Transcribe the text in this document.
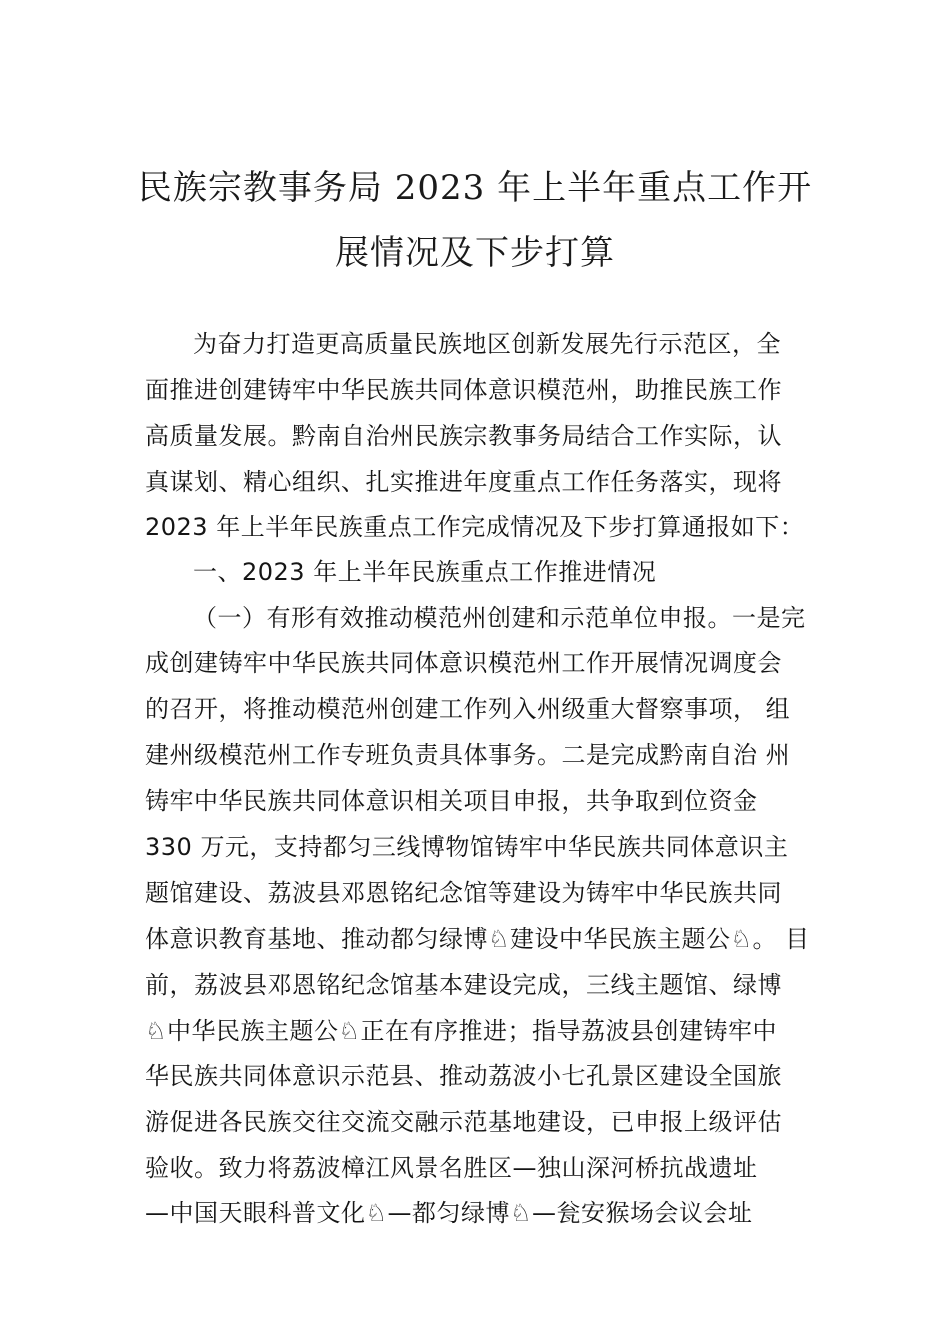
民族宗教事务局 2023 年上半年重点工作开
展情况及下步打算
为奋力打造更高质量民族地区创新发展先行示范区，全
面推进创建铸牢中华民族共同体意识模范州，助推民族工作
高质量发展。黔南自治州民族宗教事务局结合工作实际，认
真谋划、精心组织、扎实推进年度重点工作任务落实，现将
2023 年上半年民族重点工作完成情况及下步打算通报如下：
一、2023 年上半年民族重点工作推进情况
（一）有形有效推动模范州创建和示范单位申报。一是完
成创建铸牢中华民族共同体意识模范州工作开展情况调度会
的召开，将推动模范州创建工作列入州级重大督察事项， 组
建州级模范州工作专班负责具体事务。二是完成黔南自治 州
铸牢中华民族共同体意识相关项目申报，共争取到位资金
330 万元，支持都匀三线博物馆铸牢中华民族共同体意识主
题馆建设、荔波县邓恩铭纪念馆等建设为铸牢中华民族共同
体意识教育基地、推动都匀绿博♘建设中华民族主题公♘。 目
前，荔波县邓恩铭纪念馆基本建设完成，三线主题馆、绿博
♘中华民族主题公♘正在有序推进；指导荔波县创建铸牢中
华民族共同体意识示范县、推动荔波小七孔景区建设全国旅
游促进各民族交往交流交融示范基地建设，已申报上级评估
验收。致力将荔波樟江风景名胜区—独山深河桥抗战遗址
—中国天眼科普文化♘—都匀绿博♘—瓮安猴场会议会址
